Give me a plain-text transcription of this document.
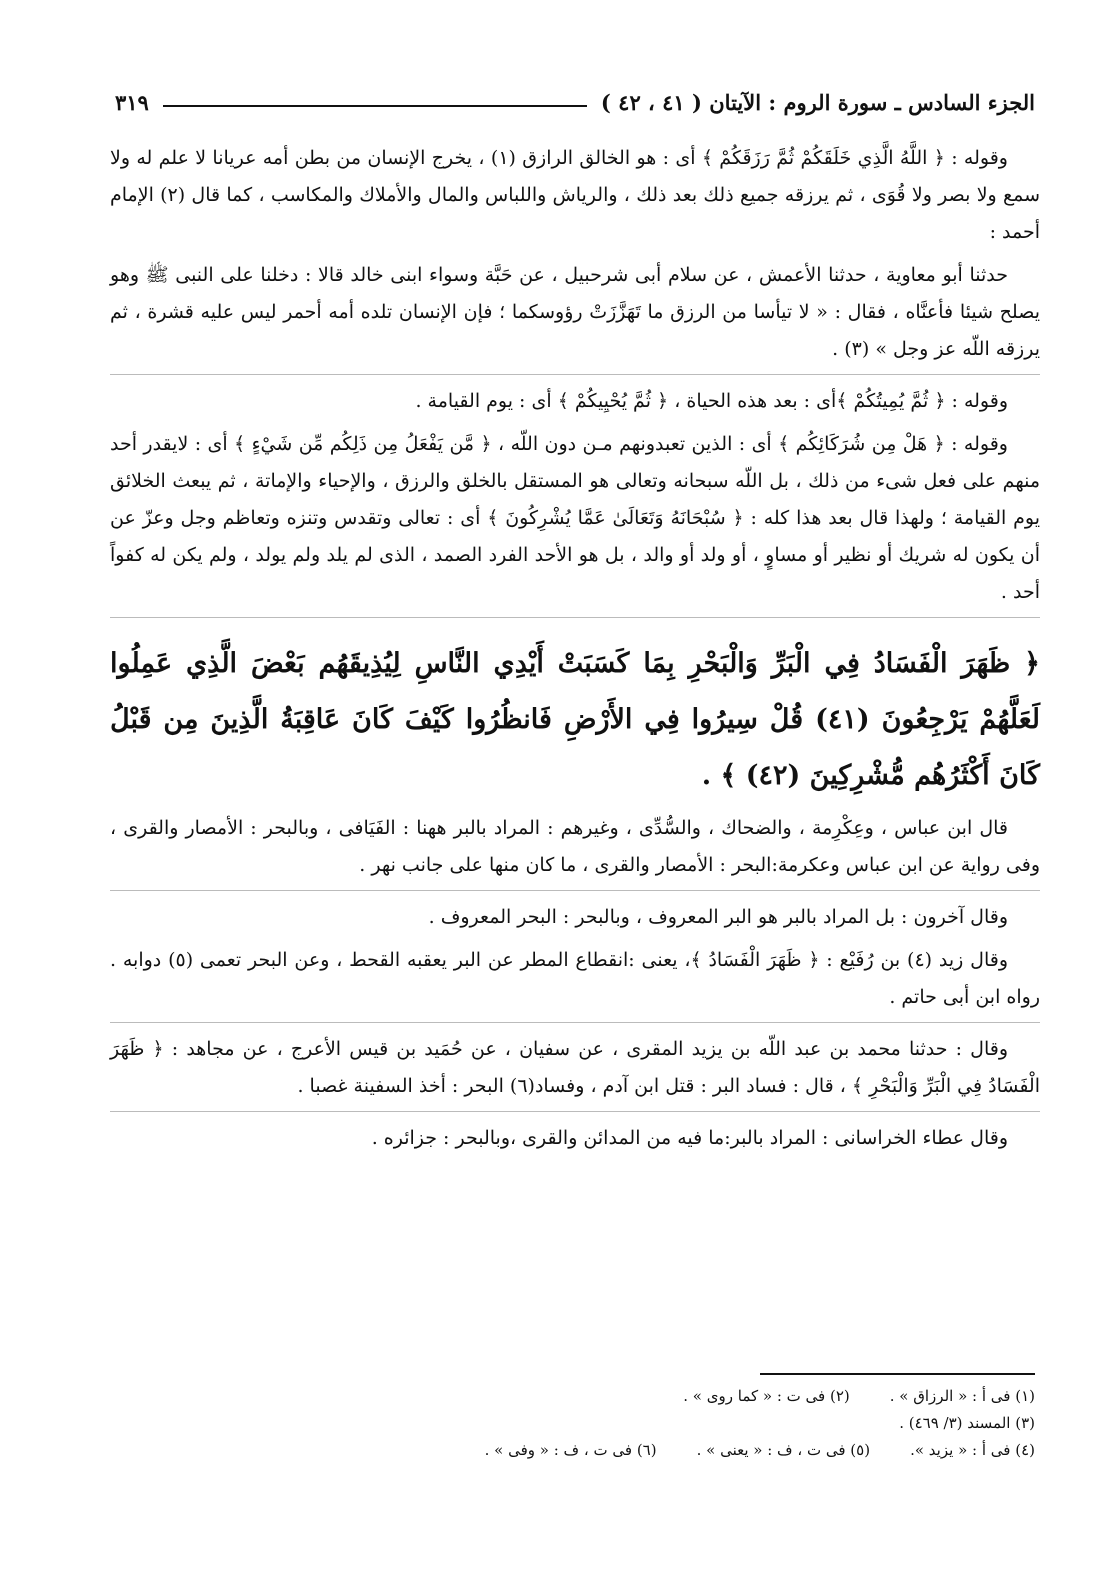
الجزء السادس ـ سورة الروم : الآيتان ( ٤١ ، ٤٢ )
٣١٩

وقوله : ﴿ اللَّهُ الَّذِي خَلَقَكُمْ ثُمَّ رَزَقَكُمْ ﴾ أى : هو الخالق الرازق (١) ، يخرج الإنسان من بطن أمه عريانا لا علم له ولا سمع ولا بصر ولا قُوَى ، ثم يرزقه جميع ذلك بعد ذلك ، والرياش واللباس والمال والأملاك والمكاسب ، كما قال (٢) الإمام أحمد :

حدثنا أبو معاوية ، حدثنا الأعمش ، عن سلام أبى شرحبيل ، عن حَبَّة وسواء ابنى خالد قالا : دخلنا على النبى ﷺ وهو يصلح شيئا فأعنَّاه ، فقال : « لا تيأسا من الرزق ما تَهَزَّزَتْ رؤوسكما ؛ فإن الإنسان تلده أمه أحمر ليس عليه قشرة ، ثم يرزقه اللّه عز وجل » (٣) .

وقوله : ﴿ ثُمَّ يُمِيتُكُمْ ﴾أى : بعد هذه الحياة ، ﴿ ثُمَّ يُحْيِيكُمْ ﴾ أى : يوم القيامة .

وقوله : ﴿ هَلْ مِن شُرَكَائِكُم ﴾ أى : الذين تعبدونهم مـن دون اللّه ، ﴿ مَّن يَفْعَلُ مِن ذَلِكُم مِّن شَيْءٍ ﴾ أى : لايقدر أحد منهم على فعل شىء من ذلك ، بل اللّه سبحانه وتعالى هو المستقل بالخلق والرزق ، والإحياء والإماتة ، ثم يبعث الخلائق يوم القيامة ؛ ولهذا قال بعد هذا كله : ﴿ سُبْحَانَهُ وَتَعَالَىٰ عَمَّا يُشْرِكُونَ ﴾ أى : تعالى وتقدس وتنزه وتعاظم وجل وعزّ عن أن يكون له شريك أو نظير أو مساوٍ ، أو ولد أو والد ، بل هو الأحد الفرد الصمد ، الذى لم يلد ولم يولد ، ولم يكن له كفواً أحد .

﴿ ظَهَرَ الْفَسَادُ فِي الْبَرِّ وَالْبَحْرِ بِمَا كَسَبَتْ أَيْدِي النَّاسِ لِيُذِيقَهُم بَعْضَ الَّذِي عَمِلُوا لَعَلَّهُمْ يَرْجِعُونَ (٤١) قُلْ سِيرُوا فِي الأَرْضِ فَانظُرُوا كَيْفَ كَانَ عَاقِبَةُ الَّذِينَ مِن قَبْلُ كَانَ أَكْثَرُهُم مُّشْرِكِينَ (٤٢) ﴾ .

قال ابن عباس ، وعِكْرِمة ، والضحاك ، والسُّدِّى ، وغيرهم : المراد بالبر ههنا : الفَيَافى ، وبالبحر : الأمصار والقرى ، وفى رواية عن ابن عباس وعكرمة:البحر : الأمصار والقرى ، ما كان منها على جانب نهر .

وقال آخرون : بل المراد بالبر هو البر المعروف ، وبالبحر : البحر المعروف .

وقال زيد (٤) بن رُفَيْع : ﴿ ظَهَرَ الْفَسَادُ ﴾، يعنى :انقطاع المطر عن البر يعقبه القحط ، وعن البحر تعمى (٥) دوابه . رواه ابن أبى حاتم .

وقال : حدثنا محمد بن عبد اللّه بن يزيد المقرى ، عن سفيان ، عن حُمَيد بن قيس الأعرج ، عن مجاهد : ﴿ ظَهَرَ الْفَسَادُ فِي الْبَرِّ وَالْبَحْرِ ﴾ ، قال : فساد البر : قتل ابن آدم ، وفساد(٦) البحر : أخذ السفينة غصبا .

وقال عطاء الخراسانى : المراد بالبر:ما فيه من المدائن والقرى ،وبالبحر : جزائره .

(١) فى أ : « الرزاق » .
(٢) فى ت : « كما روى » .
(٣) المسند (٣/ ٤٦٩) .
(٤) فى أ : « يزيد ».
(٥) فى ت ، ف : « يعنى » .
(٦) فى ت ، ف : « وفى » .
